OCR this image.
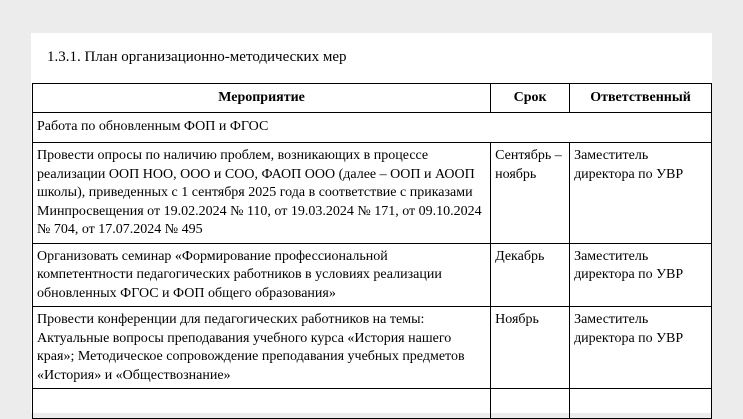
1.3.1. План организационно-методических мер
Мероприятие	Срок	Ответственный
Работа по обновленным ФОП и ФГОС		
Провести опросы по наличию проблем, возникающих в процессе реализации ООП НОО, ООО и СОО, ФАОП ООО (далее – ООП и АООП школы), приведенных с 1 сентября 2025 года в соответствие с приказами Минпросвещения от 19.02.2024 № 110, от 19.03.2024 № 171, от 09.10.2024 № 704, от 17.07.2024 № 495	Сентябрь – ноябрь	Заместитель директора по УВР
Организовать семинар «Формирование профессиональной компетентности педагогических работников в условиях реализации обновленных ФГОС и ФОП общего образования»	Декабрь	Заместитель директора по УВР
Провести конференции для педагогических работников на темы: Актуальные вопросы преподавания учебного курса «История нашего края»; Методическое сопровождение преподавания учебных предметов «История» и «Обществознание»	Ноябрь	Заместитель директора по УВР
